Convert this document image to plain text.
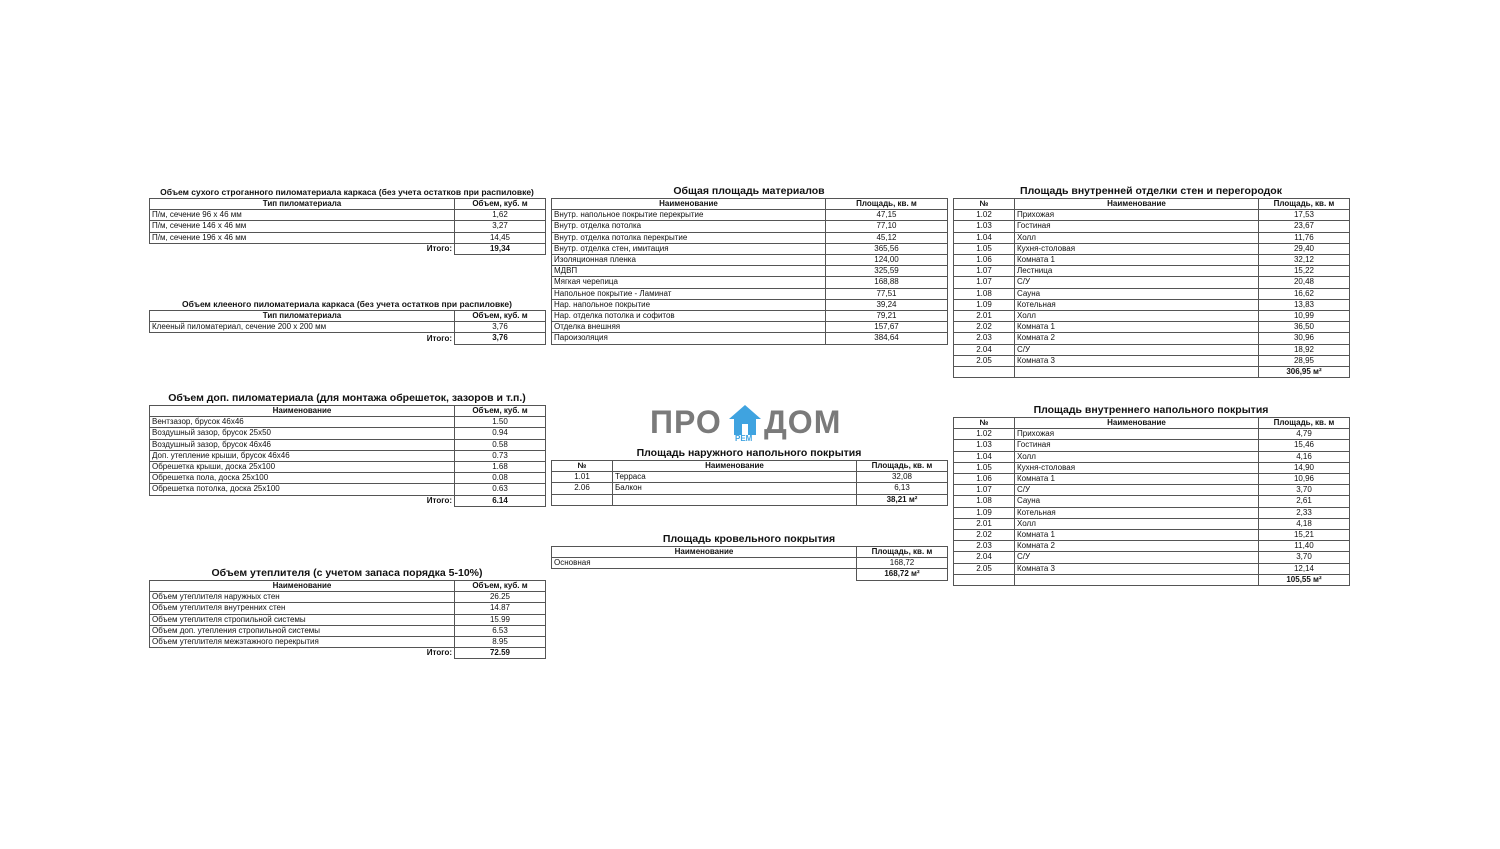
Объем сухого строганного пиломатериала каркаса (без учета остатков при распиловке)
Тип пиломатериала	Объем, куб. м
П/м, сечение 96 х 46 мм	1,62
П/м, сечение 146 х 46 мм	3,27
П/м, сечение 196 х 46 мм	14,45
Итого:	19,34
Объем клееного пиломатериала каркаса (без учета остатков при распиловке)
Тип пиломатериала	Объем, куб. м
Клееный пиломатериал, сечение 200 х 200 мм	3,76
Итого:	3,76
Объем доп. пиломатериала (для монтажа обрешеток, зазоров и т.п.)
Наименование	Объем, куб. м
Вентзазор, брусок 46х46	1.50
Воздушный зазор, брусок 25х50	0.94
Воздушный зазор, брусок 46х46	0.58
Доп. утепление крыши, брусок 46х46	0.73
Обрешетка крыши, доска 25х100	1.68
Обрешетка пола, доска 25х100	0.08
Обрешетка потолка, доска 25х100	0.63
Итого:	6.14
Объем утеплителя (с учетом запаса порядка 5-10%)
Наименование	Объем, куб. м
Объем утеплителя наружных стен	26.25
Объем утеплителя внутренних стен	14.87
Объем утеплителя стропильной системы	15.99
Объем доп. утепления стропильной системы	6.53
Объем утеплителя межэтажного перекрытия	8.95
Итого:	72.59
Общая площадь материалов
Наименование	Площадь, кв. м
Внутр. напольное покрытие перекрытие	47,15
Внутр. отделка потолка	77,10
Внутр. отделка потолка перекрытие	45,12
Внутр. отделка стен, имитация	365,56
Изоляционная пленка	124,00
МДВП	325,59
Мягкая черепица	168,88
Напольное покрытие - Ламинат	77,51
Нар. напольное покрытие	39,24
Нар. отделка потолка и софитов	79,21
Отделка внешняя	157,67
Пароизоляция	384,64
ПРО РЕМ ДОМ
Площадь наружного напольного покрытия
№	Наименование	Площадь, кв. м
1.01	Терраса	32,08
2.06	Балкон	6,13
		38,21 м²
Площадь кровельного покрытия
Наименование	Площадь, кв. м
Основная	168,72
	168,72 м²
Площадь внутренней отделки стен и перегородок
№	Наименование	Площадь, кв. м
1.02	Прихожая	17,53
1.03	Гостиная	23,67
1.04	Холл	11,76
1.05	Кухня-столовая	29,40
1.06	Комната 1	32,12
1.07	Лестница	15,22
1.07	С/У	20,48
1.08	Сауна	16,62
1.09	Котельная	13,83
2.01	Холл	10,99
2.02	Комната 1	36,50
2.03	Комната 2	30,96
2.04	С/У	18,92
2.05	Комната 3	28,95
		306,95 м²
Площадь внутреннего напольного покрытия
№	Наименование	Площадь, кв. м
1.02	Прихожая	4,79
1.03	Гостиная	15,46
1.04	Холл	4,16
1.05	Кухня-столовая	14,90
1.06	Комната 1	10,96
1.07	С/У	3,70
1.08	Сауна	2,61
1.09	Котельная	2,33
2.01	Холл	4,18
2.02	Комната 1	15,21
2.03	Комната 2	11,40
2.04	С/У	3,70
2.05	Комната 3	12,14
		105,55 м²
